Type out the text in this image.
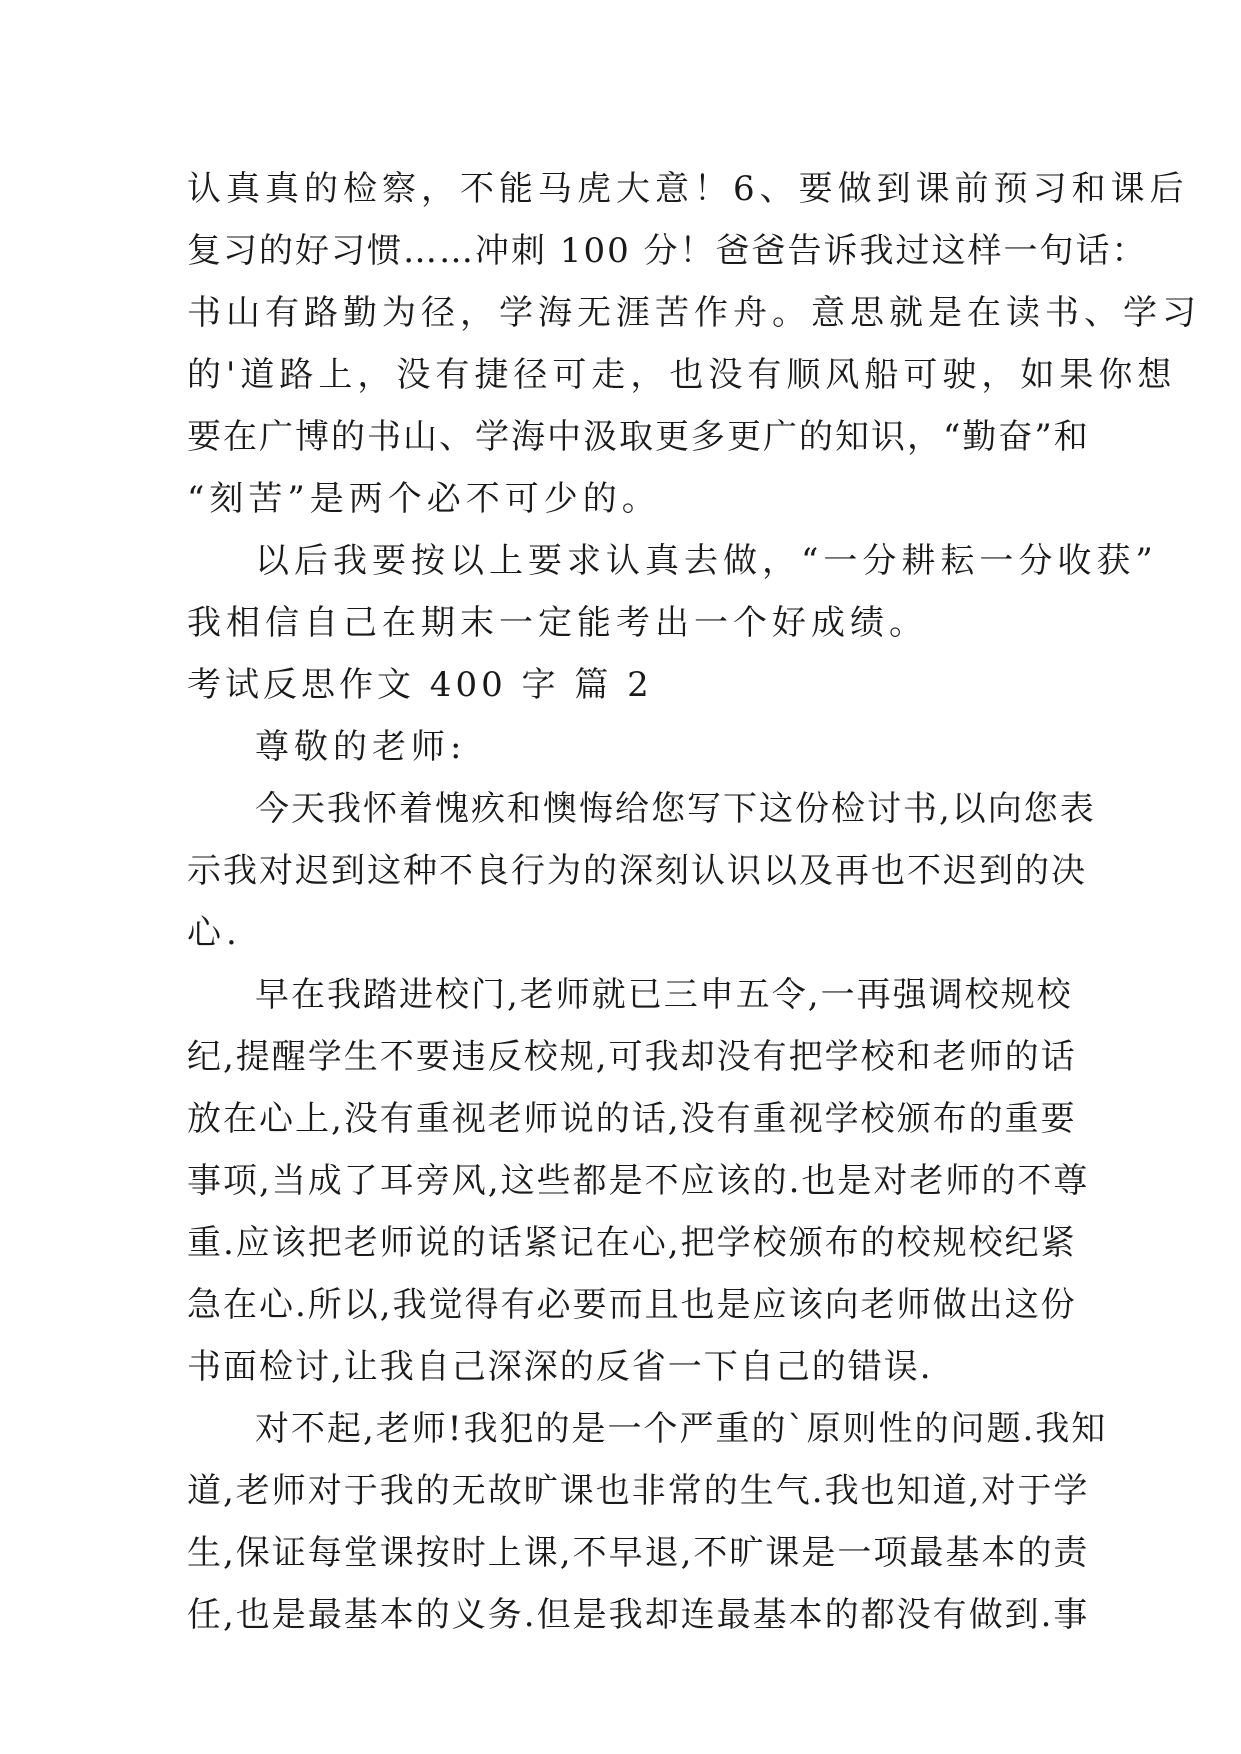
认真真的检察，不能马虎大意！6、要做到课前预习和课后
复习的好习惯……冲刺 100 分！爸爸告诉我过这样一句话：
书山有路勤为径，学海无涯苦作舟。意思就是在读书、学习
的'道路上，没有捷径可走，也没有顺风船可驶，如果你想
要在广博的书山、学海中汲取更多更广的知识，“勤奋”和
“刻苦”是两个必不可少的。
以后我要按以上要求认真去做，“一分耕耘一分收获”
我相信自己在期末一定能考出一个好成绩。
考试反思作文 400 字 篇 2
尊敬的老师:
今天我怀着愧疚和懊悔给您写下这份检讨书,以向您表
示我对迟到这种不良行为的深刻认识以及再也不迟到的决
心.
早在我踏进校门,老师就已三申五令,一再强调校规校
纪,提醒学生不要违反校规,可我却没有把学校和老师的话
放在心上,没有重视老师说的话,没有重视学校颁布的重要
事项,当成了耳旁风,这些都是不应该的.也是对老师的不尊
重.应该把老师说的话紧记在心,把学校颁布的校规校纪紧
急在心.所以,我觉得有必要而且也是应该向老师做出这份
书面检讨,让我自己深深的反省一下自己的错误.
对不起,老师!我犯的是一个严重的`原则性的问题.我知
道,老师对于我的无故旷课也非常的生气.我也知道,对于学
生,保证每堂课按时上课,不早退,不旷课是一项最基本的责
任,也是最基本的义务.但是我却连最基本的都没有做到.事
